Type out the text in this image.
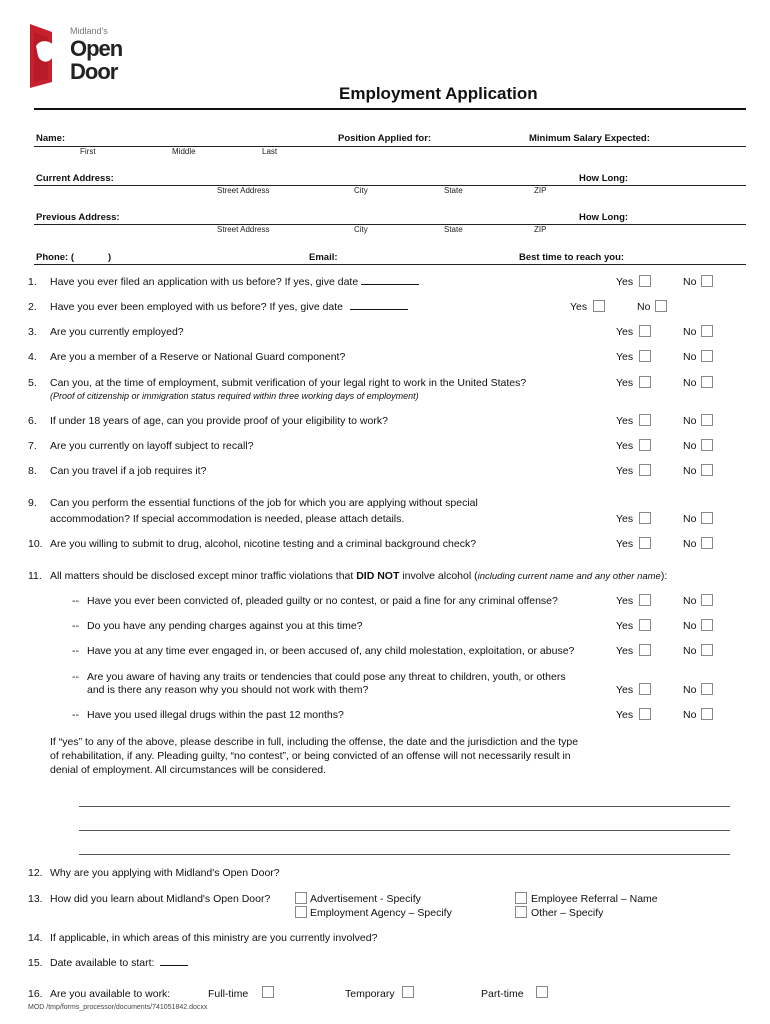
Midland's
Open
Door
Employment Application
Name:	Position Applied for:	Minimum Salary Expected:
First	Middle	Last
Current Address:	How Long:
Street Address	City	State	ZIP
Previous Address:	How Long:
Street Address	City	State	ZIP
Phone: (	)	Email:	Best time to reach you:
1. Have you ever filed an application with us before? If yes, give date	Yes	No
2. Have you ever been employed with us before? If yes, give date	Yes	No
3. Are you currently employed?	Yes	No
4. Are you a member of a Reserve or National Guard component?	Yes	No
5. Can you, at the time of employment, submit verification of your legal right to work in the United States?
(Proof of citizenship or immigration status required within three working days of employment)
Yes	No
6. If under 18 years of age, can you provide proof of your eligibility to work?	Yes	No
7. Are you currently on layoff subject to recall?	Yes	No
8. Can you travel if a job requires it?	Yes	No
9. Can you perform the essential functions of the job for which you are applying without special
accommodation? If special accommodation is needed, please attach details.	Yes	No
10. Are you willing to submit to drug, alcohol, nicotine testing and a criminal background check?	Yes	No
11. All matters should be disclosed except minor traffic violations that DID NOT involve alcohol (including current name and any other name):
-- Have you ever been convicted of, pleaded guilty or no contest, or paid a fine for any criminal offense?	Yes	No
-- Do you have any pending charges against you at this time?	Yes	No
-- Have you at any time ever engaged in, or been accused of, any child molestation, exploitation, or abuse?	Yes	No
-- Are you aware of having any traits or tendencies that could pose any threat to children, youth, or others
and is there any reason why you should not work with them?	Yes	No
-- Have you used illegal drugs within the past 12 months?	Yes	No
If “yes” to any of the above, please describe in full, including the offense, the date and the jurisdiction and the type
of rehabilitation, if any. Pleading guilty, “no contest”, or being convicted of an offense will not necessarily result in
denial of employment. All circumstances will be considered.
12. Why are you applying with Midland's Open Door?
13. How did you learn about Midland's Open Door?	Advertisement - Specify
Employment Agency – Specify
Employee Referral – Name
Other – Specify
14. If applicable, in which areas of this ministry are you currently involved?
15. Date available to start:
16. Are you available to work:	Full-time	Temporary	Part-time
MOD /tmp/forms_processor/documents/741051842.docxx
